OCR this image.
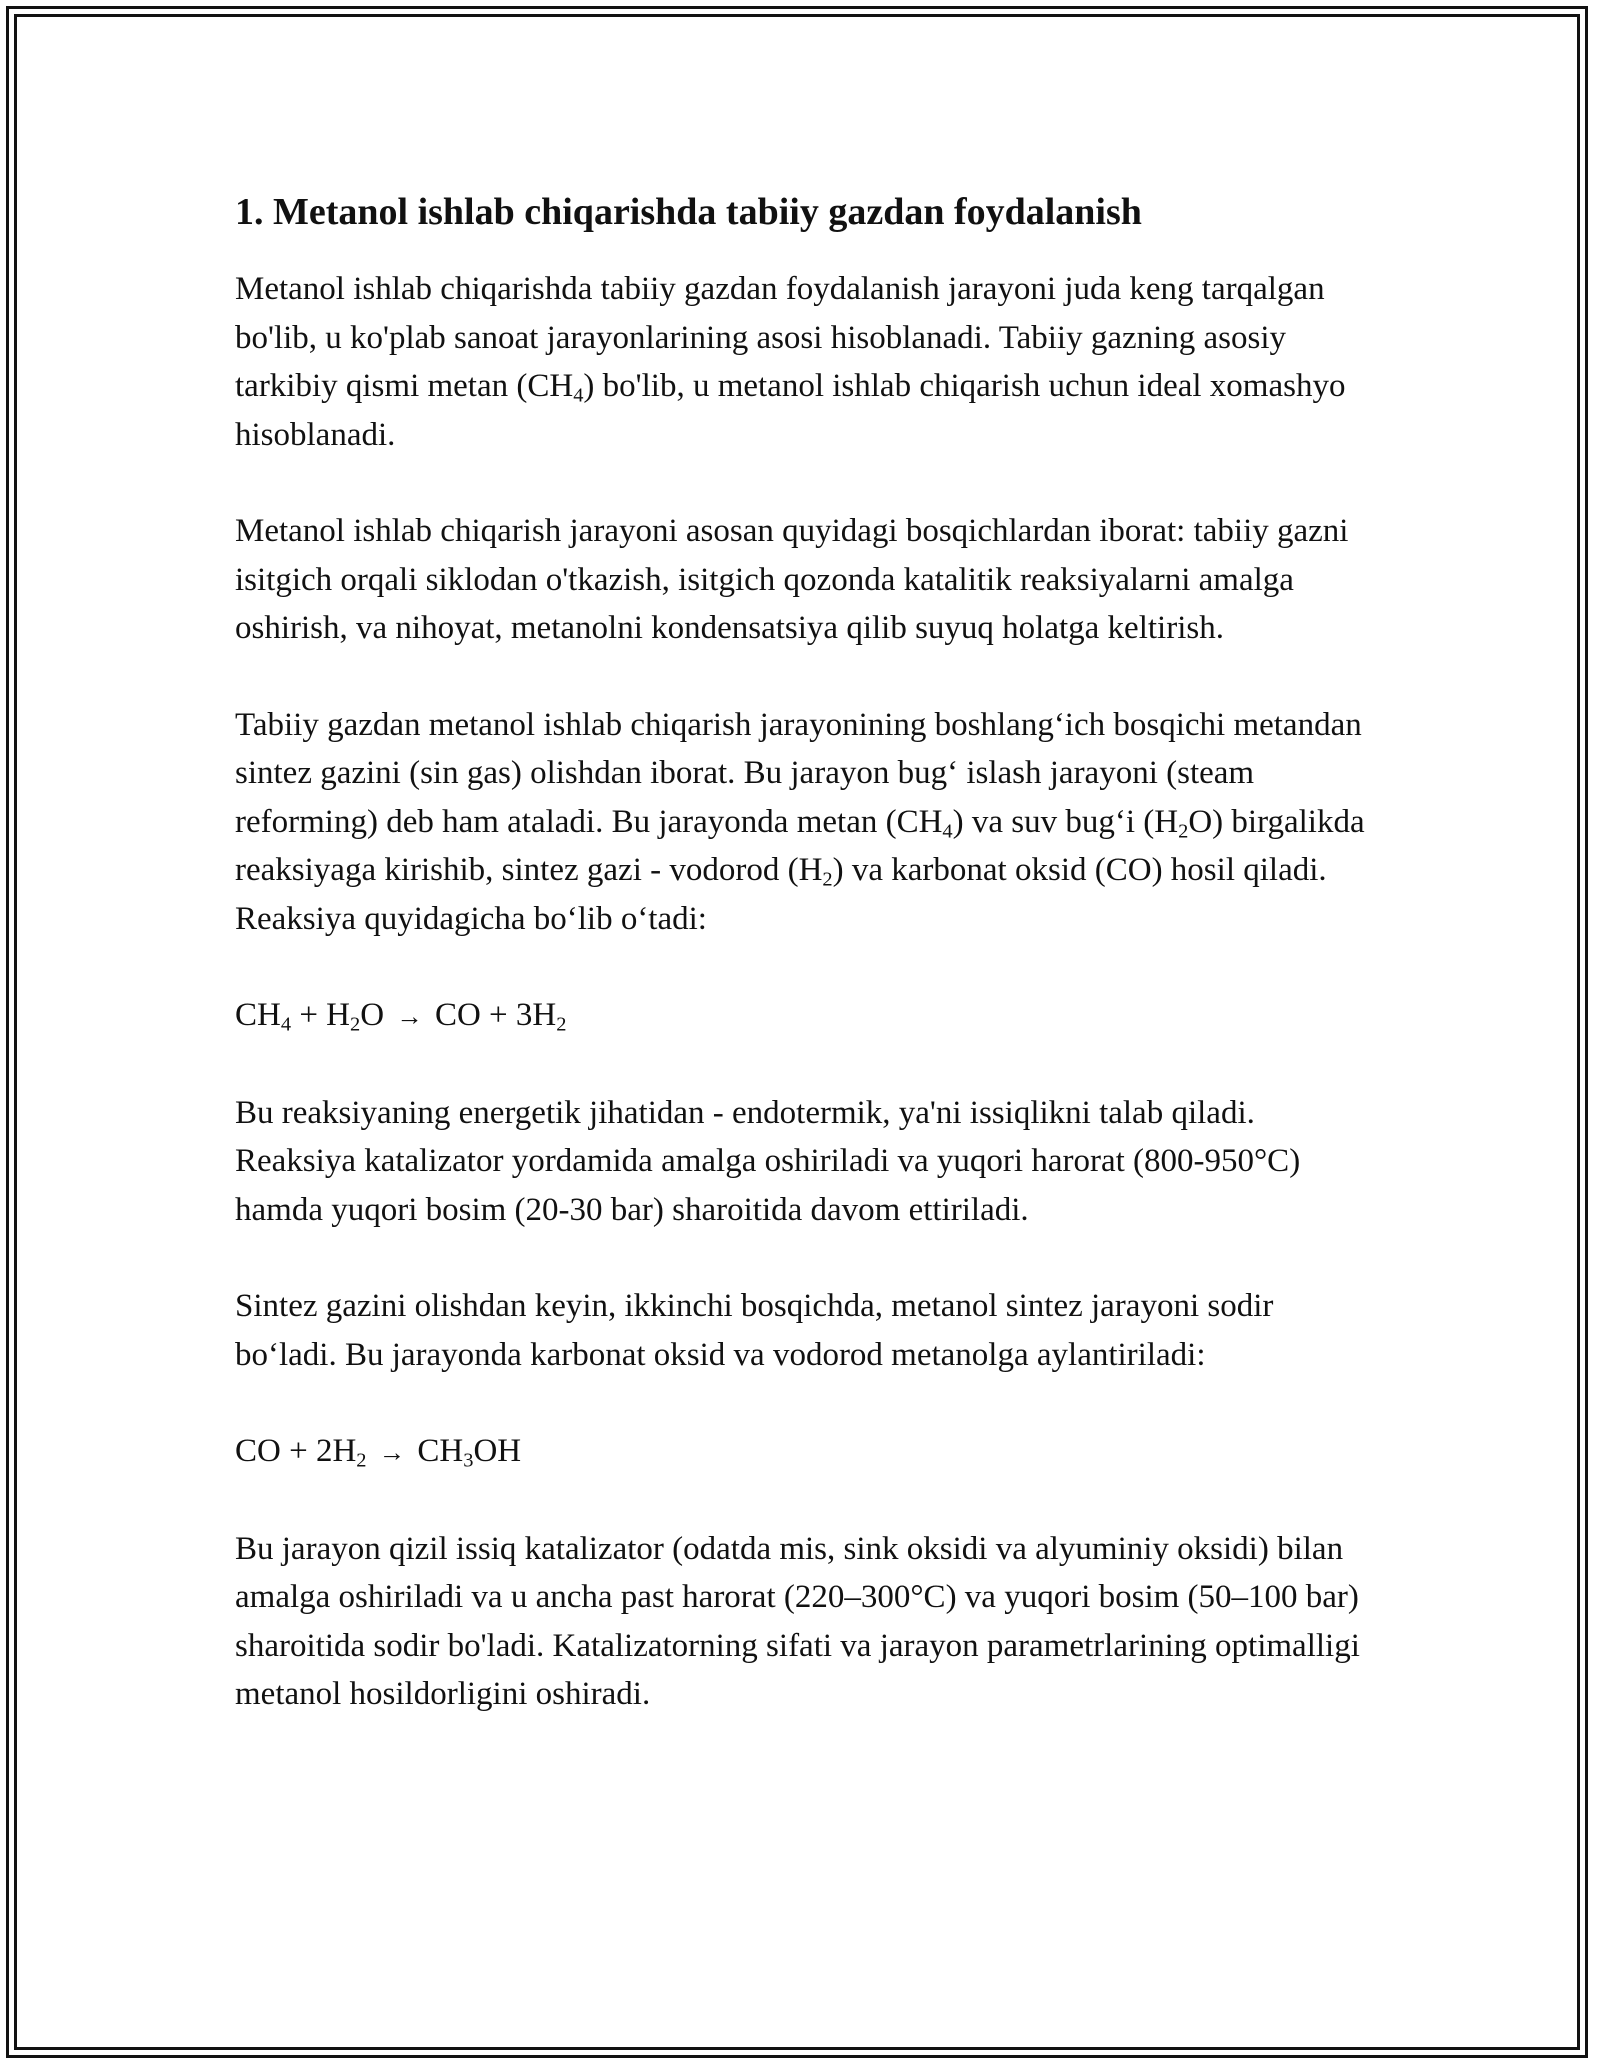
1. Metanol ishlab chiqarishda tabiiy gazdan foydalanish

Metanol ishlab chiqarishda tabiiy gazdan foydalanish jarayoni juda keng tarqalgan bo'lib, u ko'plab sanoat jarayonlarining asosi hisoblanadi. Tabiiy gazning asosiy tarkibiy qismi metan $(CH_4)$ bo'lib, u metanol ishlab chiqarish uchun ideal xomashyo hisoblanadi.

Metanol ishlab chiqarish jarayoni asosan quyidagi bosqichlardan iborat: tabiiy gazni isitgich orqali siklodan o'tkazish, isitgich qozonda katalitik reaksiyalarni amalga oshirish, va nihoyat, metanolni kondensatsiya qilib suyuq holatga keltirish.

Tabiiy gazdan metanol ishlab chiqarish jarayonining boshlang‘ich bosqichi metandan sintez gazini (sin gas) olishdan iborat. Bu jarayon bug‘ islash jarayoni (steam reforming) deb ham ataladi. Bu jarayonda metan $(CH_4)$ va suv bug‘i $(H_2O)$ birgalikda reaksiyaga kirishib, sintez gazi - vodorod $(H_2)$ va karbonat oksid (CO) hosil qiladi. Reaksiya quyidagicha bo‘lib o‘tadi:

$CH_4 + H_2O$ → CO + $3H_2$

Bu reaksiyaning energetik jihatidan - endotermik, ya'ni issiqlikni talab qiladi. Reaksiya katalizator yordamida amalga oshiriladi va yuqori harorat (800-950°C) hamda yuqori bosim (20-30 bar) sharoitida davom ettiriladi.

Sintez gazini olishdan keyin, ikkinchi bosqichda, metanol sintez jarayoni sodir bo‘ladi. Bu jarayonda karbonat oksid va vodorod metanolga aylantiriladi:

CO + $2H_2 \to CH_3OH$

Bu jarayon qizil issiq katalizator (odatda mis, sink oksidi va alyuminiy oksidi) bilan amalga oshiriladi va u ancha past harorat (220–300°C) va yuqori bosim (50–100 bar) sharoitida sodir bo'ladi. Katalizatorning sifati va jarayon parametrlarining optimalligi metanol hosildorligini oshiradi.
